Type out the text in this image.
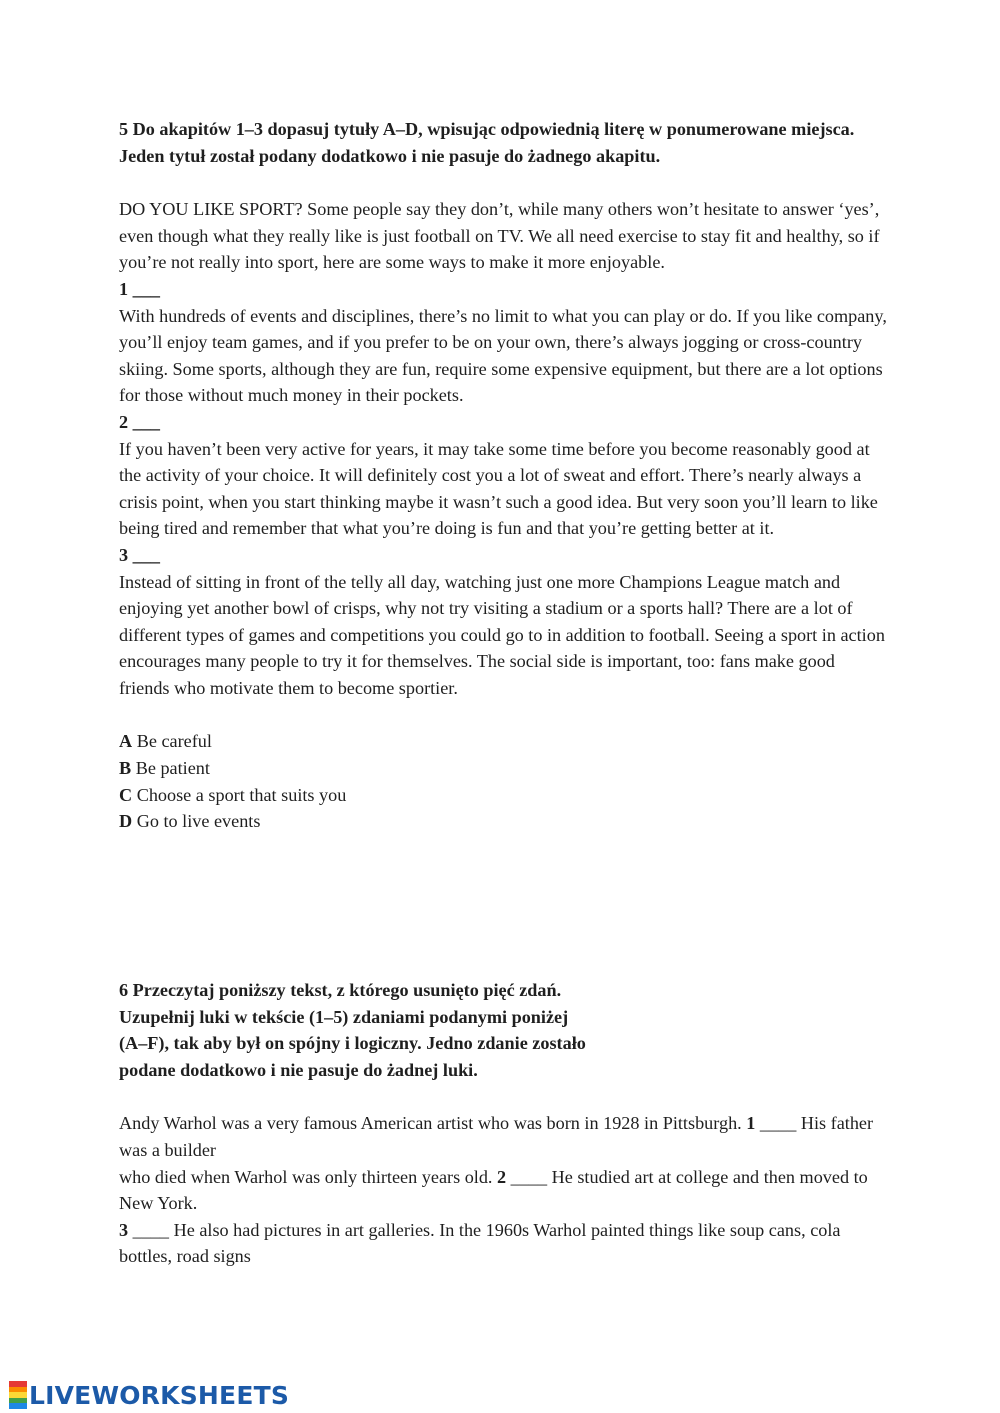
5 Do akapitów 1–3 dopasuj tytuły A–D, wpisując odpowiednią literę w ponumerowane miejsca. Jeden tytuł został podany dodatkowo i nie pasuje do żadnego akapitu.

DO YOU LIKE SPORT? Some people say they don’t, while many others won’t hesitate to answer ‘yes’, even though what they really like is just football on TV. We all need exercise to stay fit and healthy, so if you’re not really into sport, here are some ways to make it more enjoyable.

1 ___

With hundreds of events and disciplines, there’s no limit to what you can play or do. If you like company, you’ll enjoy team games, and if you prefer to be on your own, there’s always jogging or cross-country skiing. Some sports, although they are fun, require some expensive equipment, but there are a lot options for those without much money in their pockets.

2 ___

If you haven’t been very active for years, it may take some time before you become reasonably good at the activity of your choice. It will definitely cost you a lot of sweat and effort. There’s nearly always a crisis point, when you start thinking maybe it wasn’t such a good idea. But very soon you’ll learn to like being tired and remember that what you’re doing is fun and that you’re getting better at it.

3 ___

Instead of sitting in front of the telly all day, watching just one more Champions League match and enjoying yet another bowl of crisps, why not try visiting a stadium or a sports hall? There are a lot of different types of games and competitions you could go to in addition to football. Seeing a sport in action encourages many people to try it for themselves. The social side is important, too: fans make good friends who motivate them to become sportier.

A Be careful

B Be patient

C Choose a sport that suits you

D Go to live events

6 Przeczytaj poniższy tekst, z którego usunięto pięć zdań.

Uzupełnij luki w tekście (1–5) zdaniami podanymi poniżej

(A–F), tak aby był on spójny i logiczny. Jedno zdanie zostało

podane dodatkowo i nie pasuje do żadnej luki.

Andy Warhol was a very famous American artist who was born in 1928 in Pittsburgh. 1 ____ His father was a builder

who died when Warhol was only thirteen years old. 2 ____ He studied art at college and then moved to New York.

3 ____ He also had pictures in art galleries. In the 1960s Warhol painted things like soup cans, cola bottles, road signs

LIVEWORKSHEETS
